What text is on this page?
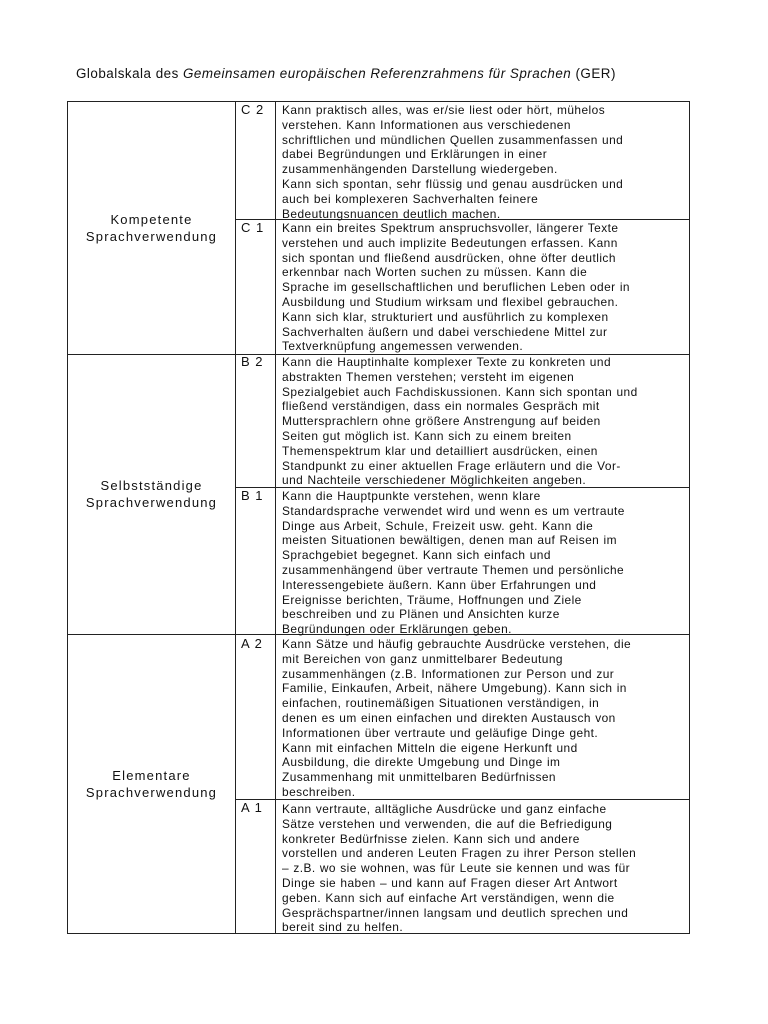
Globalskala des Gemeinsamen europäischen Referenzrahmens für Sprachen (GER)
Kompetente
Sprachverwendung
Selbstständige
Sprachverwendung
Elementare
Sprachverwendung
C 2
C 1
B 2
B 1
A 2
A 1
Kann praktisch alles, was er/sie liest oder hört, mühelos
verstehen. Kann Informationen aus verschiedenen
schriftlichen und mündlichen Quellen zusammenfassen und
dabei Begründungen und Erklärungen in einer
zusammenhängenden Darstellung wiedergeben.
Kann sich spontan, sehr flüssig und genau ausdrücken und
auch bei komplexeren Sachverhalten feinere
Bedeutungsnuancen deutlich machen.
Kann ein breites Spektrum anspruchsvoller, längerer Texte
verstehen und auch implizite Bedeutungen erfassen. Kann
sich spontan und fließend ausdrücken, ohne öfter deutlich
erkennbar nach Worten suchen zu müssen. Kann die
Sprache im gesellschaftlichen und beruflichen Leben oder in
Ausbildung und Studium wirksam und flexibel gebrauchen.
Kann sich klar, strukturiert und ausführlich zu komplexen
Sachverhalten äußern und dabei verschiedene Mittel zur
Textverknüpfung angemessen verwenden.
Kann die Hauptinhalte komplexer Texte zu konkreten und
abstrakten Themen verstehen; versteht im eigenen
Spezialgebiet auch Fachdiskussionen. Kann sich spontan und
fließend verständigen, dass ein normales Gespräch mit
Muttersprachlern ohne größere Anstrengung auf beiden
Seiten gut möglich ist. Kann sich zu einem breiten
Themenspektrum klar und detailliert ausdrücken, einen
Standpunkt zu einer aktuellen Frage erläutern und die Vor-
und Nachteile verschiedener Möglichkeiten angeben.
Kann die Hauptpunkte verstehen, wenn klare
Standardsprache verwendet wird und wenn es um vertraute
Dinge aus Arbeit, Schule, Freizeit usw. geht. Kann die
meisten Situationen bewältigen, denen man auf Reisen im
Sprachgebiet begegnet. Kann sich einfach und
zusammenhängend über vertraute Themen und persönliche
Interessengebiete äußern. Kann über Erfahrungen und
Ereignisse berichten, Träume, Hoffnungen und Ziele
beschreiben und zu Plänen und Ansichten kurze
Begründungen oder Erklärungen geben.
Kann Sätze und häufig gebrauchte Ausdrücke verstehen, die
mit Bereichen von ganz unmittelbarer Bedeutung
zusammenhängen (z.B. Informationen zur Person und zur
Familie, Einkaufen, Arbeit, nähere Umgebung). Kann sich in
einfachen, routinemäßigen Situationen verständigen, in
denen es um einen einfachen und direkten Austausch von
Informationen über vertraute und geläufige Dinge geht.
Kann mit einfachen Mitteln die eigene Herkunft und
Ausbildung, die direkte Umgebung und Dinge im
Zusammenhang mit unmittelbaren Bedürfnissen
beschreiben.
Kann vertraute, alltägliche Ausdrücke und ganz einfache
Sätze verstehen und verwenden, die auf die Befriedigung
konkreter Bedürfnisse zielen. Kann sich und andere
vorstellen und anderen Leuten Fragen zu ihrer Person stellen
– z.B. wo sie wohnen, was für Leute sie kennen und was für
Dinge sie haben – und kann auf Fragen dieser Art Antwort
geben. Kann sich auf einfache Art verständigen, wenn die
Gesprächspartner/innen langsam und deutlich sprechen und
bereit sind zu helfen.
